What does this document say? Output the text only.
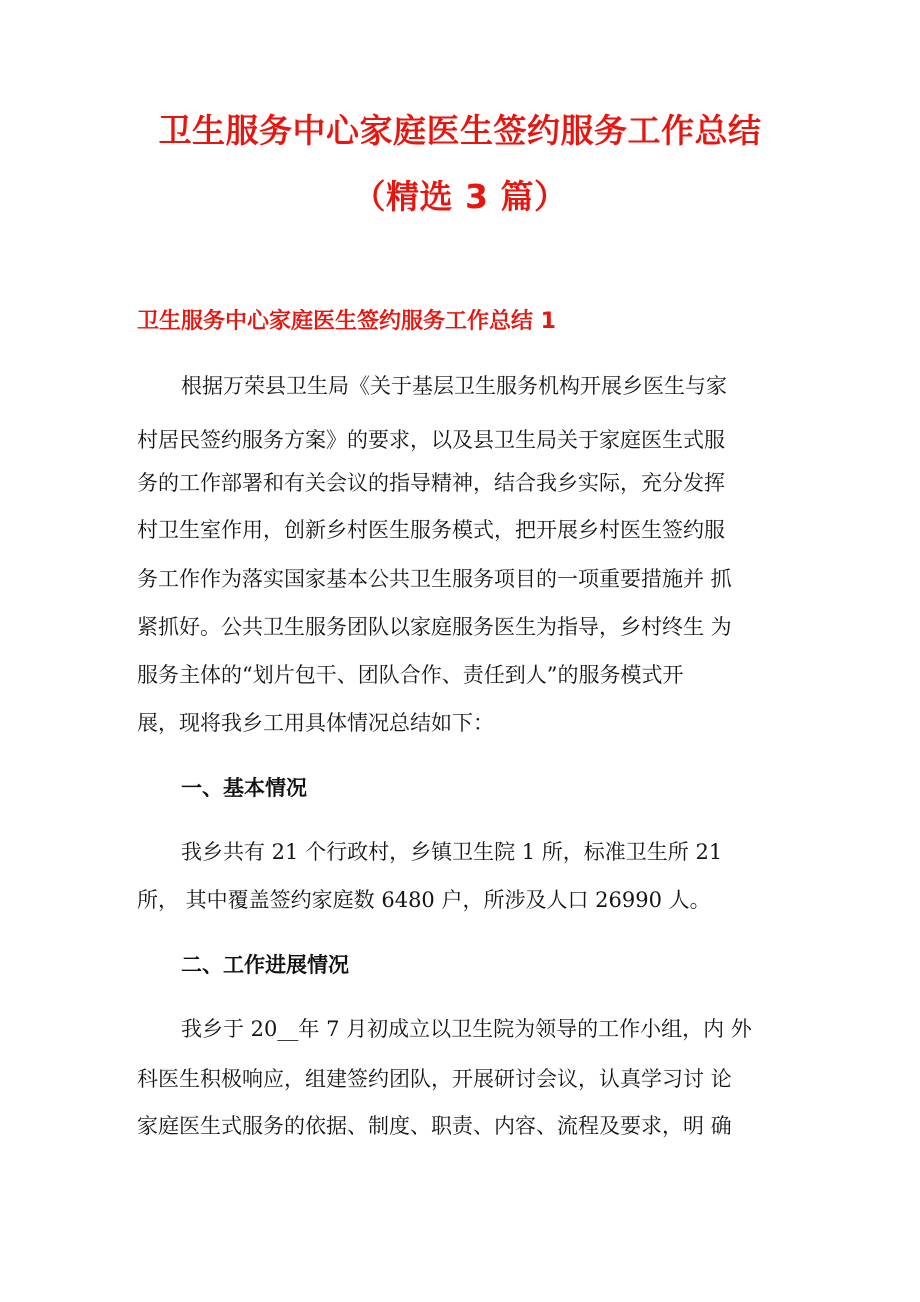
卫生服务中心家庭医生签约服务工作总结
（精选 3 篇）
卫生服务中心家庭医生签约服务工作总结 1
根据万荣县卫生局《关于基层卫生服务机构开展乡医生与家
村居民签约服务方案》的要求，以及县卫生局关于家庭医生式服
务的工作部署和有关会议的指导精神，结合我乡实际，充分发挥
村卫生室作用，创新乡村医生服务模式，把开展乡村医生签约服
务工作作为落实国家基本公共卫生服务项目的一项重要措施并 抓
紧抓好。公共卫生服务团队以家庭服务医生为指导，乡村终生 为
服务主体的“划片包干、团队合作、责任到人”的服务模式开
展，现将我乡工用具体情况总结如下：
一、基本情况
我乡共有 21 个行政村，乡镇卫生院 1 所，标准卫生所 21
所， 其中覆盖签约家庭数 6480 户，所涉及人口 26990 人。
二、工作进展情况
我乡于 20__年 7 月初成立以卫生院为领导的工作小组，内 外
科医生积极响应，组建签约团队，开展研讨会议，认真学习讨 论
家庭医生式服务的依据、制度、职责、内容、流程及要求，明 确
